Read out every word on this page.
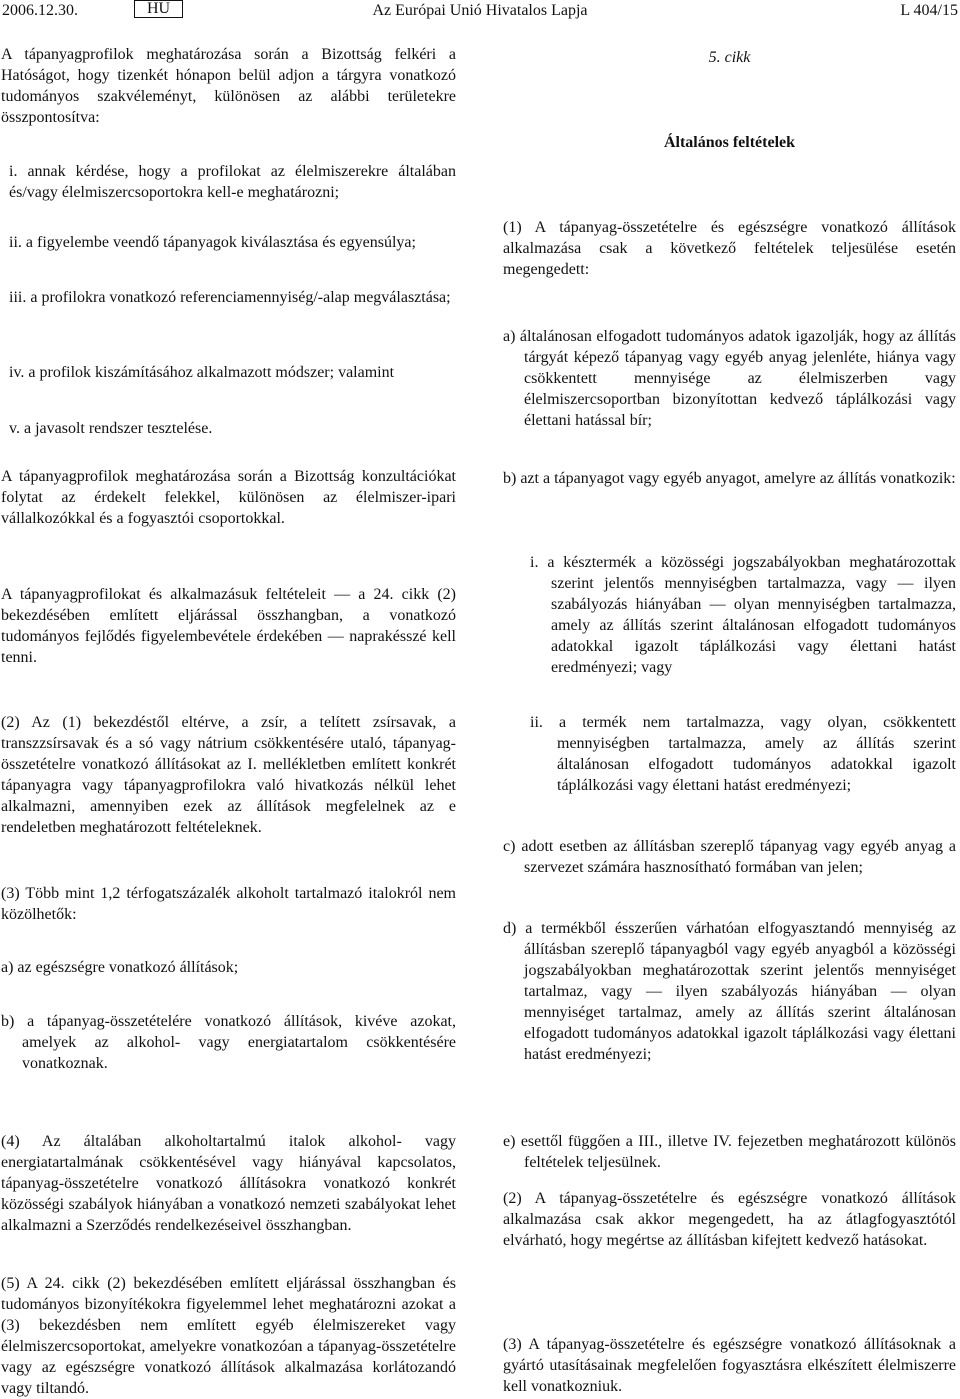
Az Európai Unió Hivatalos Lapja
2006.12.30.	HU	L 404/15

A tápanyagprofilok meghatározása során a Bizottság felkéri a Hatóságot, hogy tizenkét hónapon belül adjon a tárgyra vonatkozó tudományos szakvéleményt, különösen az alábbi területekre összpontosítva:

i. annak kérdése, hogy a profilokat az élelmiszerekre általában és/vagy élelmiszercsoportokra kell-e meghatározni;

ii. a figyelembe veendő tápanyagok kiválasztása és egyensúlya;

iii. a profilokra vonatkozó referenciamennyiség/-alap megválasztása;

iv. a profilok kiszámításához alkalmazott módszer; valamint

v. a javasolt rendszer tesztelése.

A tápanyagprofilok meghatározása során a Bizottság konzultációkat folytat az érdekelt felekkel, különösen az élelmiszer-ipari vállalkozókkal és a fogyasztói csoportokkal.

A tápanyagprofilokat és alkalmazásuk feltételeit — a 24. cikk (2) bekezdésében említett eljárással összhangban, a vonatkozó tudományos fejlődés figyelembevétele érdekében — naprakésszé kell tenni.

(2) Az (1) bekezdéstől eltérve, a zsír, a telített zsírsavak, a transzzsírsavak és a só vagy nátrium csökkentésére utaló, tápanyag-összetételre vonatkozó állításokat az I. mellékletben említett konkrét tápanyagra vagy tápanyagprofilokra való hivatkozás nélkül lehet alkalmazni, amennyiben ezek az állítások megfelelnek az e rendeletben meghatározott feltételeknek.

(3) Több mint 1,2 térfogatszázalék alkoholt tartalmazó italokról nem közölhetők:

a) az egészségre vonatkozó állítások;

b) a tápanyag-összetételére vonatkozó állítások, kivéve azokat, amelyek az alkohol- vagy energiatartalom csökkentésére vonatkoznak.

(4) Az általában alkoholtartalmú italok alkohol- vagy energiatartalmának csökkentésével vagy hiányával kapcsolatos, tápanyag-összetételre vonatkozó állításokra vonatkozó konkrét közösségi szabályok hiányában a vonatkozó nemzeti szabályokat lehet alkalmazni a Szerződés rendelkezéseivel összhangban.

(5) A 24. cikk (2) bekezdésében említett eljárással összhangban és tudományos bizonyítékokra figyelemmel lehet meghatározni azokat a (3) bekezdésben nem említett egyéb élelmiszereket vagy élelmiszercsoportokat, amelyekre vonatkozóan a tápanyag-összetételre vagy az egészségre vonatkozó állítások alkalmazása korlátozandó vagy tiltandó.

5. cikk

Általános feltételek

(1) A tápanyag-összetételre és egészségre vonatkozó állítások alkalmazása csak a következő feltételek teljesülése esetén megengedett:

a) általánosan elfogadott tudományos adatok igazolják, hogy az állítás tárgyát képező tápanyag vagy egyéb anyag jelenléte, hiánya vagy csökkentett mennyisége az élelmiszerben vagy élelmiszercsoportban bizonyítottan kedvező táplálkozási vagy élettani hatással bír;

b) azt a tápanyagot vagy egyéb anyagot, amelyre az állítás vonatkozik:

i. a késztermék a közösségi jogszabályokban meghatározottak szerint jelentős mennyiségben tartalmazza, vagy — ilyen szabályozás hiányában — olyan mennyiségben tartalmazza, amely az állítás szerint általánosan elfogadott tudományos adatokkal igazolt táplálkozási vagy élettani hatást eredményezi; vagy

ii. a termék nem tartalmazza, vagy olyan, csökkentett mennyiségben tartalmazza, amely az állítás szerint általánosan elfogadott tudományos adatokkal igazolt táplálkozási vagy élettani hatást eredményezi;

c) adott esetben az állításban szereplő tápanyag vagy egyéb anyag a szervezet számára hasznosítható formában van jelen;

d) a termékből ésszerűen várhatóan elfogyasztandó mennyiség az állításban szereplő tápanyagból vagy egyéb anyagból a közösségi jogszabályokban meghatározottak szerint jelentős mennyiséget tartalmaz, vagy — ilyen szabályozás hiányában — olyan mennyiséget tartalmaz, amely az állítás szerint általánosan elfogadott tudományos adatokkal igazolt táplálkozási vagy élettani hatást eredményezi;

e) esettől függően a III., illetve IV. fejezetben meghatározott különös feltételek teljesülnek.

(2) A tápanyag-összetételre és egészségre vonatkozó állítások alkalmazása csak akkor megengedett, ha az átlagfogyasztótól elvárható, hogy megértse az állításban kifejtett kedvező hatásokat.

(3) A tápanyag-összetételre és egészségre vonatkozó állításoknak a gyártó utasításainak megfelelően fogyasztásra elkészített élelmiszerre kell vonatkozniuk.
